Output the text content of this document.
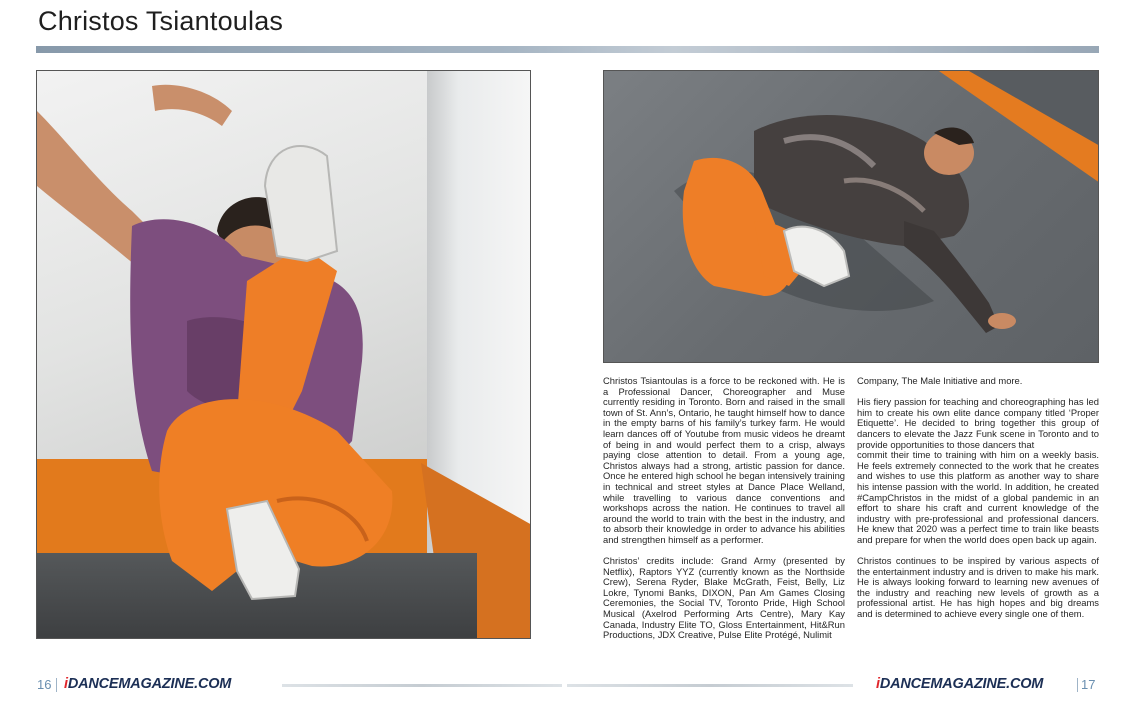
Christos Tsiantoulas

Christos Tsiantoulas is a force to be reckoned with. He is a Professional Dancer, Choreographer and Muse currently residing in Toronto. Born and raised in the small town of St. Ann’s, Ontario, he taught himself how to dance in the empty barns of his family’s turkey farm. He would learn dances off of Youtube from music videos he dreamt of being in and would perfect them to a crisp, always paying close attention to detail. From a young age, Christos always had a strong, artistic passion for dance. Once he entered high school he began intensively training in technical and street styles at Dance Place Welland, while travelling to various dance conventions and workshops across the nation. He continues to travel all around the world to train with the best in the industry, and to absorb their knowledge in order to advance his abilities and strengthen himself as a performer.

Christos’ credits include: Grand Army (presented by Netflix), Raptors YYZ (currently known as the Northside Crew), Serena Ryder, Blake McGrath, Feist, Belly, Liz Lokre, Tynomi Banks, DIXON, Pan Am Games Closing Ceremonies, the Social TV, Toronto Pride, High School Musical (Axelrod Performing Arts Centre), Mary Kay Canada, Industry Elite TO, Gloss Entertainment, Hit&Run Productions, JDX Creative, Pulse Elite Protégé, Nulimit

Company, The Male Initiative and more.

His fiery passion for teaching and choreographing has led him to create his own elite dance company titled ‘Proper Etiquette’. He decided to bring together this group of dancers to elevate the Jazz Funk scene in Toronto and to provide opportunities to those dancers that

commit their time to training with him on a weekly basis. He feels extremely connected to the work that he creates and wishes to use this platform as another way to share his intense passion with the world. In addition, he created #CampChristos in the midst of a global pandemic in an effort to share his craft and current knowledge of the industry with pre-professional and professional dancers. He knew that 2020 was a perfect time to train like beasts and prepare for when the world does open back up again.

Christos continues to be inspired by various aspects of the entertainment industry and is driven to make his mark. He is always looking forward to learning new avenues of the industry and reaching new levels of growth as a professional artist. He has high hopes and big dreams and is determined to achieve every single one of them.

16 iDANCEMAGAZINE.COM	iDANCEMAGAZINE.COM	17
